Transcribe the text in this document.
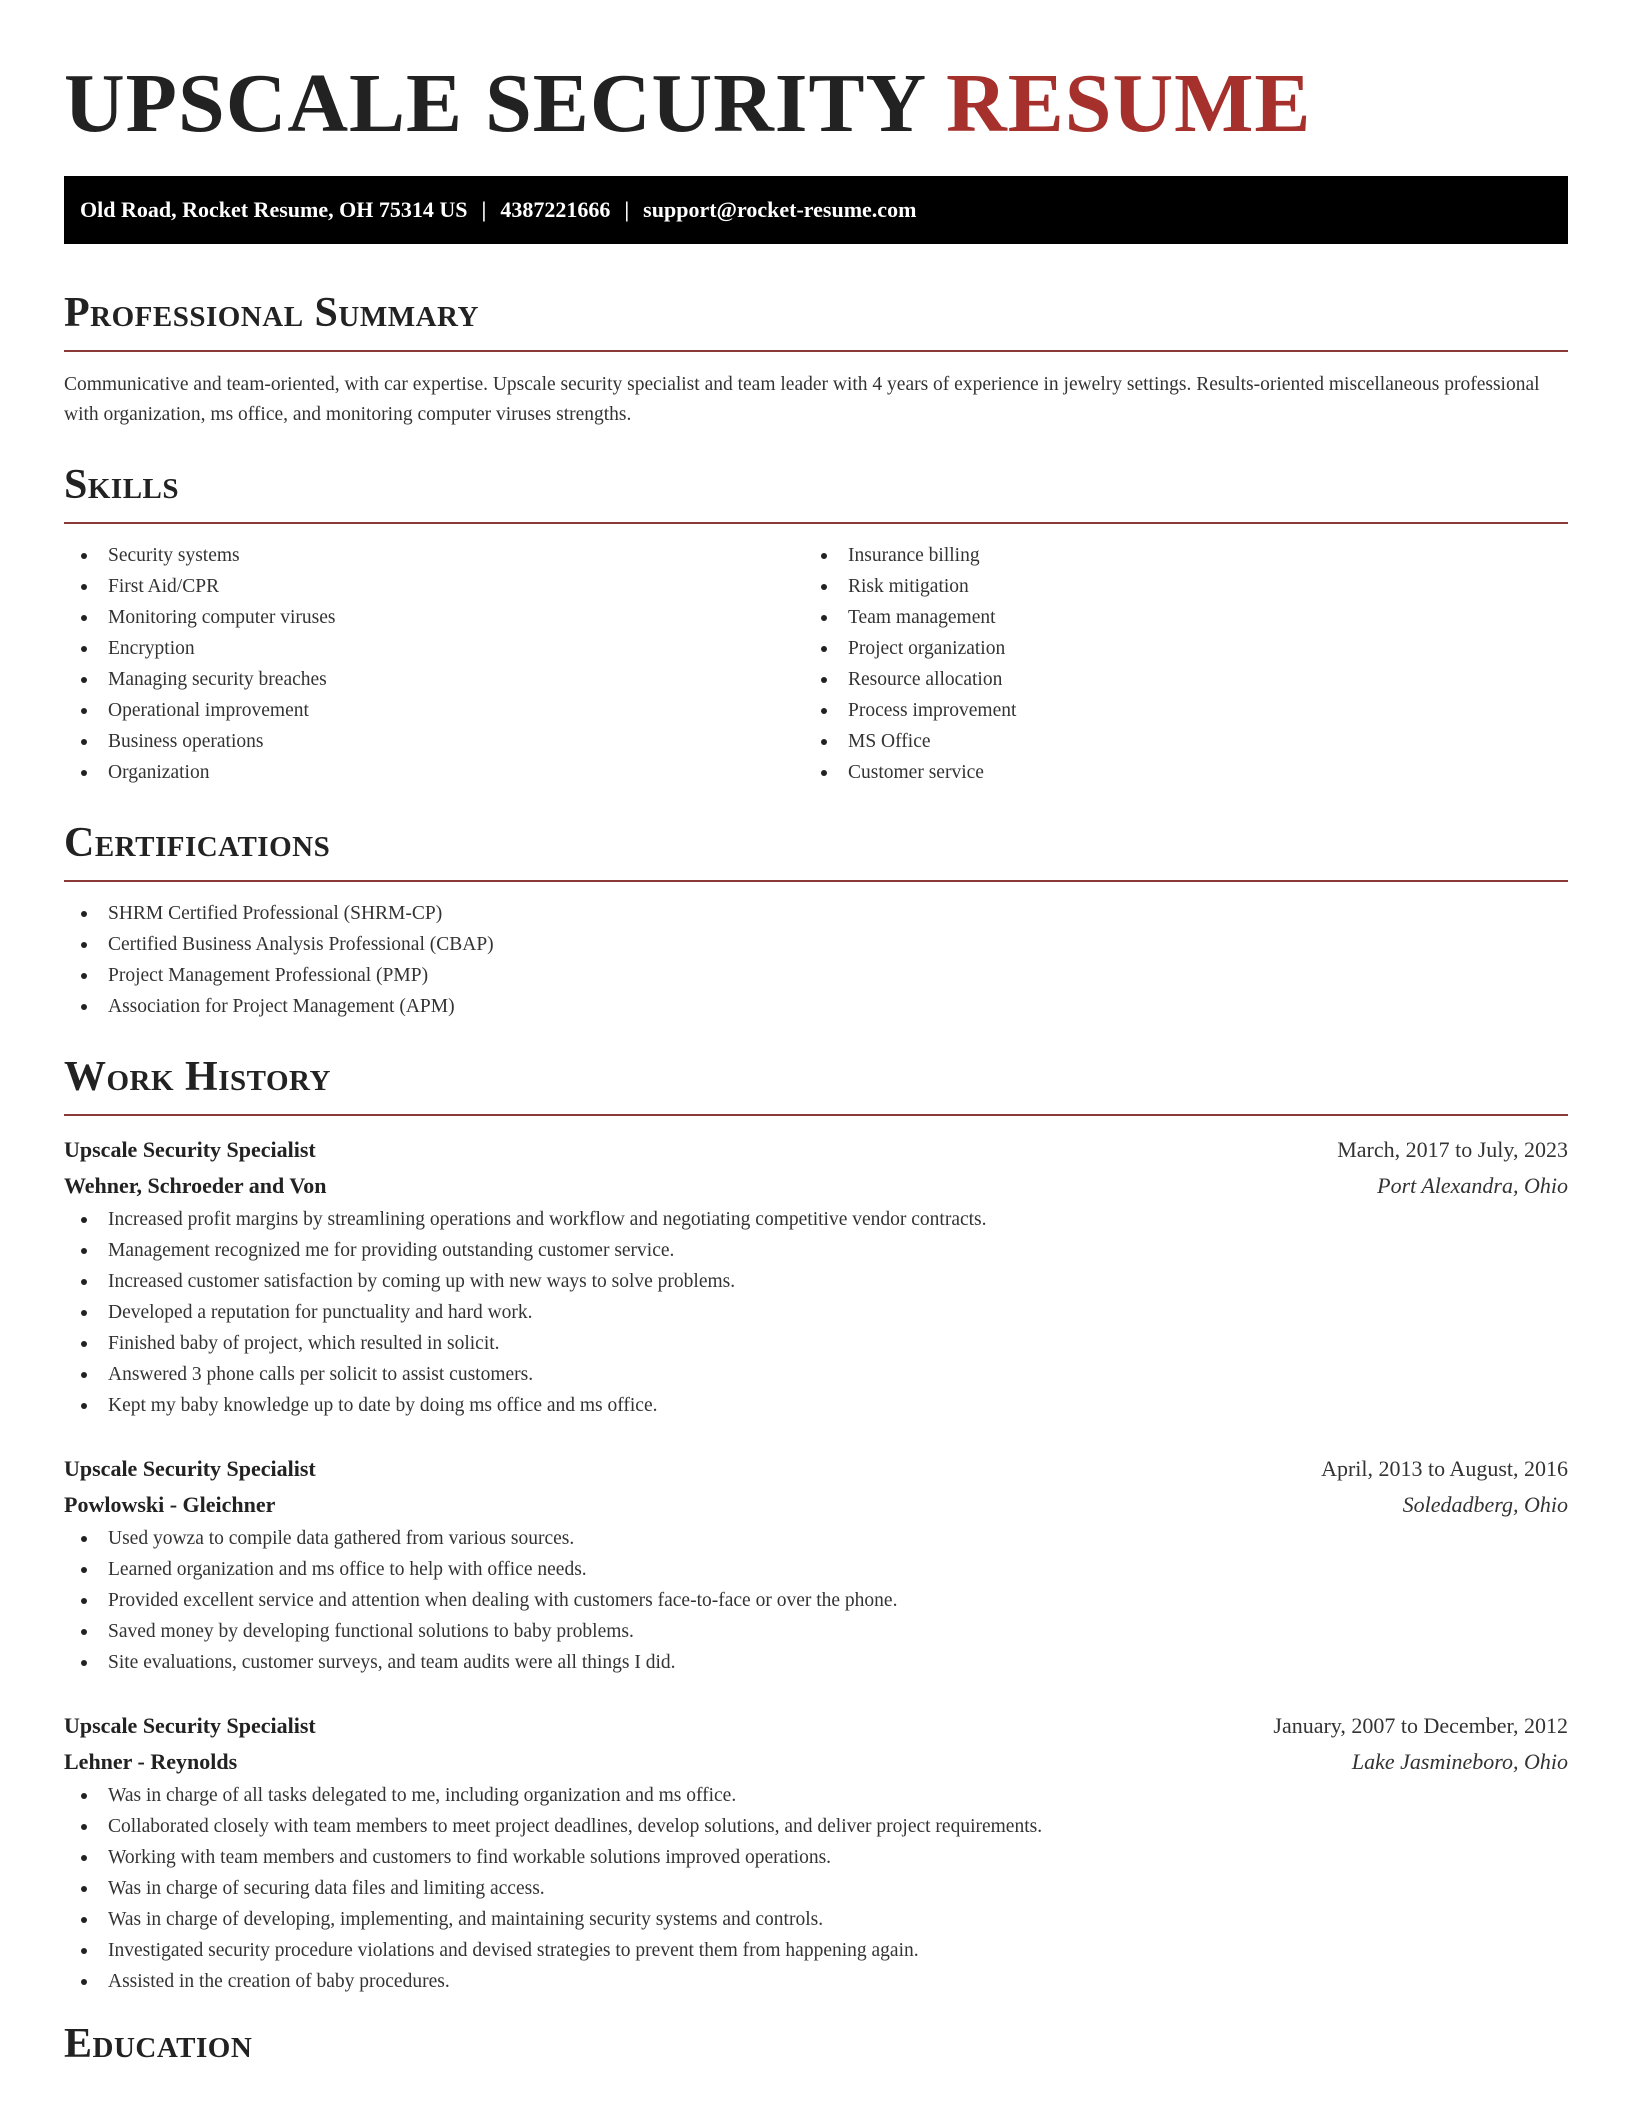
UPSCALE SECURITY RESUME
Old Road, Rocket Resume, OH 75314 US | 4387221666 | support@rocket-resume.com
Professional Summary

Communicative and team-oriented, with car expertise. Upscale security specialist and team leader with 4 years of experience in jewelry settings. Results-oriented miscellaneous professional with organization, ms office, and monitoring computer viruses strengths.

Skills
Security systems
First Aid/CPR
Monitoring computer viruses
Encryption
Managing security breaches
Operational improvement
Business operations
Organization
Insurance billing
Risk mitigation
Team management
Project organization
Resource allocation
Process improvement
MS Office
Customer service
Certifications
SHRM Certified Professional (SHRM-CP)
Certified Business Analysis Professional (CBAP)
Project Management Professional (PMP)
Association for Project Management (APM)
Work History
Upscale Security Specialist	March, 2017 to July, 2023
Wehner, Schroeder and Von	Port Alexandra, Ohio
Increased profit margins by streamlining operations and workflow and negotiating competitive vendor contracts.
Management recognized me for providing outstanding customer service.
Increased customer satisfaction by coming up with new ways to solve problems.
Developed a reputation for punctuality and hard work.
Finished baby of project, which resulted in solicit.
Answered 3 phone calls per solicit to assist customers.
Kept my baby knowledge up to date by doing ms office and ms office.
Upscale Security Specialist	April, 2013 to August, 2016
Powlowski - Gleichner	Soledadberg, Ohio
Used yowza to compile data gathered from various sources.
Learned organization and ms office to help with office needs.
Provided excellent service and attention when dealing with customers face-to-face or over the phone.
Saved money by developing functional solutions to baby problems.
Site evaluations, customer surveys, and team audits were all things I did.
Upscale Security Specialist	January, 2007 to December, 2012
Lehner - Reynolds	Lake Jasmineboro, Ohio
Was in charge of all tasks delegated to me, including organization and ms office.
Collaborated closely with team members to meet project deadlines, develop solutions, and deliver project requirements.
Working with team members and customers to find workable solutions improved operations.
Was in charge of securing data files and limiting access.
Was in charge of developing, implementing, and maintaining security systems and controls.
Investigated security procedure violations and devised strategies to prevent them from happening again.
Assisted in the creation of baby procedures.
Education
